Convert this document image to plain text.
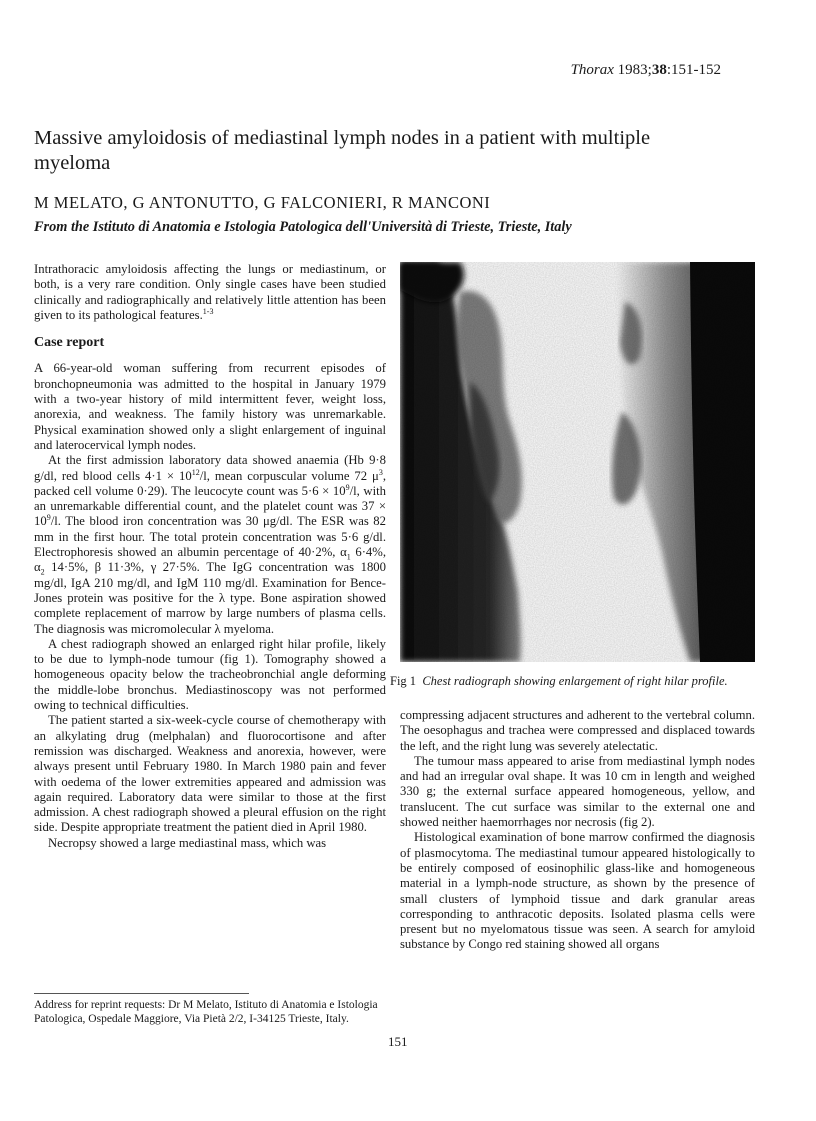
Thorax 1983;38:151-152
Massive amyloidosis of mediastinal lymph nodes in a patient with multiple myeloma
M MELATO, G ANTONUTTO, G FALCONIERI, R MANCONI
From the Istituto di Anatomia e Istologia Patologica dell'Università di Trieste, Trieste, Italy

Intrathoracic amyloidosis affecting the lungs or mediastinum, or both, is a very rare condition. Only single cases have been studied clinically and radiographically and relatively little attention has been given to its pathological features.$^{1-3}$

Case report

A 66-year-old woman suffering from recurrent episodes of bronchopneumonia was admitted to the hospital in January 1979 with a two-year history of mild intermittent fever, weight loss, anorexia, and weakness. The family history was unremarkable. Physical examination showed only a slight enlargement of inguinal and laterocervical lymph nodes.

At the first admission laboratory data showed anaemia (Hb 9·8 g/dl, red blood cells $4\cdot 1 \times 10^{12}/l$, mean corpuscular volume 72 $\mu^3$, packed cell volume 0·29). The leucocyte count was $5\cdot 6 \times 10^9/l$, with an unremarkable differential count, and the platelet count was $37 \times 10^9/l$. The blood iron concentration was 30 μg/dl. The ESR was 82 mm in the first hour. The total protein concentration was 5·6 g/dl. Electrophoresis showed an albumin percentage of 40·2%, $\alpha_1$ 6·4%, $\alpha_2$ 14·5%, β 11·3%, γ 27·5%. The IgG concentration was 1800 mg/dl, IgA 210 mg/dl, and IgM 110 mg/dl. Examination for Bence-Jones protein was positive for the λ type. Bone aspiration showed complete replacement of marrow by large numbers of plasma cells. The diagnosis was micromolecular λ myeloma.

A chest radiograph showed an enlarged right hilar profile, likely to be due to lymph-node tumour (fig 1). Tomography showed a homogeneous opacity below the tracheobronchial angle deforming the middle-lobe bronchus. Mediastinoscopy was not performed owing to technical difficulties.

The patient started a six-week-cycle course of chemotherapy with an alkylating drug (melphalan) and fluorocortisone and after remission was discharged. Weakness and anorexia, however, were always present until February 1980. In March 1980 pain and fever with oedema of the lower extremities appeared and admission was again required. Laboratory data were similar to those at the first admission. A chest radiograph showed a pleural effusion on the right side. Despite appropriate treatment the patient died in April 1980.

Necropsy showed a large mediastinal mass, which was

Fig 1 Chest radiograph showing enlargement of right hilar profile.

compressing adjacent structures and adherent to the vertebral column. The oesophagus and trachea were compressed and displaced towards the left, and the right lung was severely atelectatic.

The tumour mass appeared to arise from mediastinal lymph nodes and had an irregular oval shape. It was 10 cm in length and weighed 330 g; the external surface appeared homogeneous, yellow, and translucent. The cut surface was similar to the external one and showed neither haemorrhages nor necrosis (fig 2).

Histological examination of bone marrow confirmed the diagnosis of plasmocytoma. The mediastinal tumour appeared histologically to be entirely composed of eosinophilic glass-like and homogeneous material in a lymph-node structure, as shown by the presence of small clusters of lymphoid tissue and dark granular areas corresponding to anthracotic deposits. Isolated plasma cells were present but no myelomatous tissue was seen. A search for amyloid substance by Congo red staining showed all organs

Address for reprint requests: Dr M Melato, Istituto di Anatomia e Istologia Patologica, Ospedale Maggiore, Via Pietà 2/2, I-34125 Trieste, Italy.
151
